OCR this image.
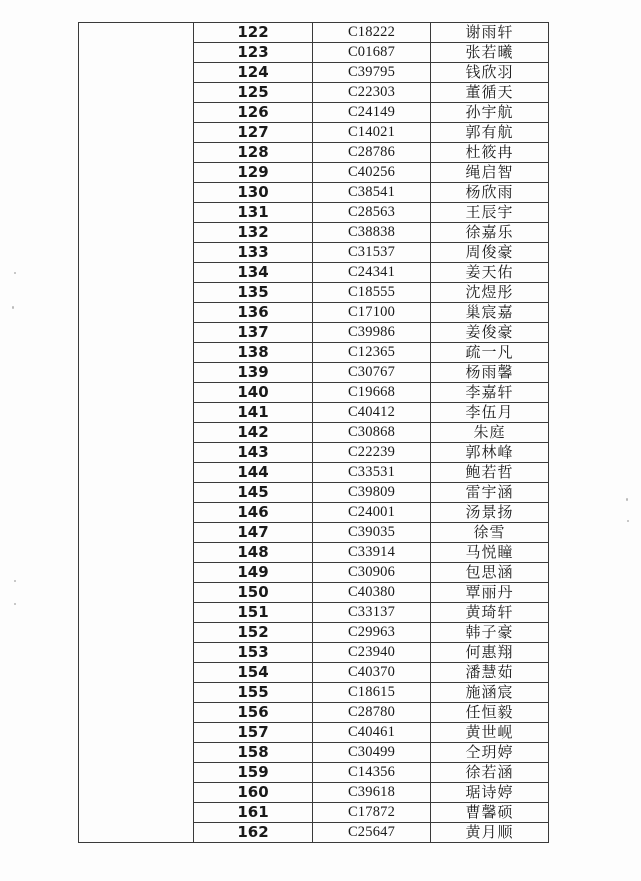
	122	C18222	谢雨轩
	123	C01687	张若曦
	124	C39795	钱欣羽
	125	C22303	董循天
	126	C24149	孙宇航
	127	C14021	郭有航
	128	C28786	杜筱冉
	129	C40256	绳启智
	130	C38541	杨欣雨
	131	C28563	王辰宇
	132	C38838	徐嘉乐
	133	C31537	周俊豪
	134	C24341	姜天佑
	135	C18555	沈煜彤
	136	C17100	巢宸嘉
	137	C39986	姜俊豪
	138	C12365	疏一凡
	139	C30767	杨雨馨
	140	C19668	李嘉轩
	141	C40412	李伍月
	142	C30868	朱庭
	143	C22239	郭林峰
	144	C33531	鲍若哲
	145	C39809	雷宇涵
	146	C24001	汤景扬
	147	C39035	徐雪
	148	C33914	马悦瞳
	149	C30906	包思涵
	150	C40380	覃丽丹
	151	C33137	黄琦轩
	152	C29963	韩子豪
	153	C23940	何惠翔
	154	C40370	潘慧茹
	155	C18615	施涵宸
	156	C28780	任恒毅
	157	C40461	黄世岘
	158	C30499	仝玥婷
	159	C14356	徐若涵
	160	C39618	琚诗婷
	161	C17872	曹馨硕
	162	C25647	黄月顺
